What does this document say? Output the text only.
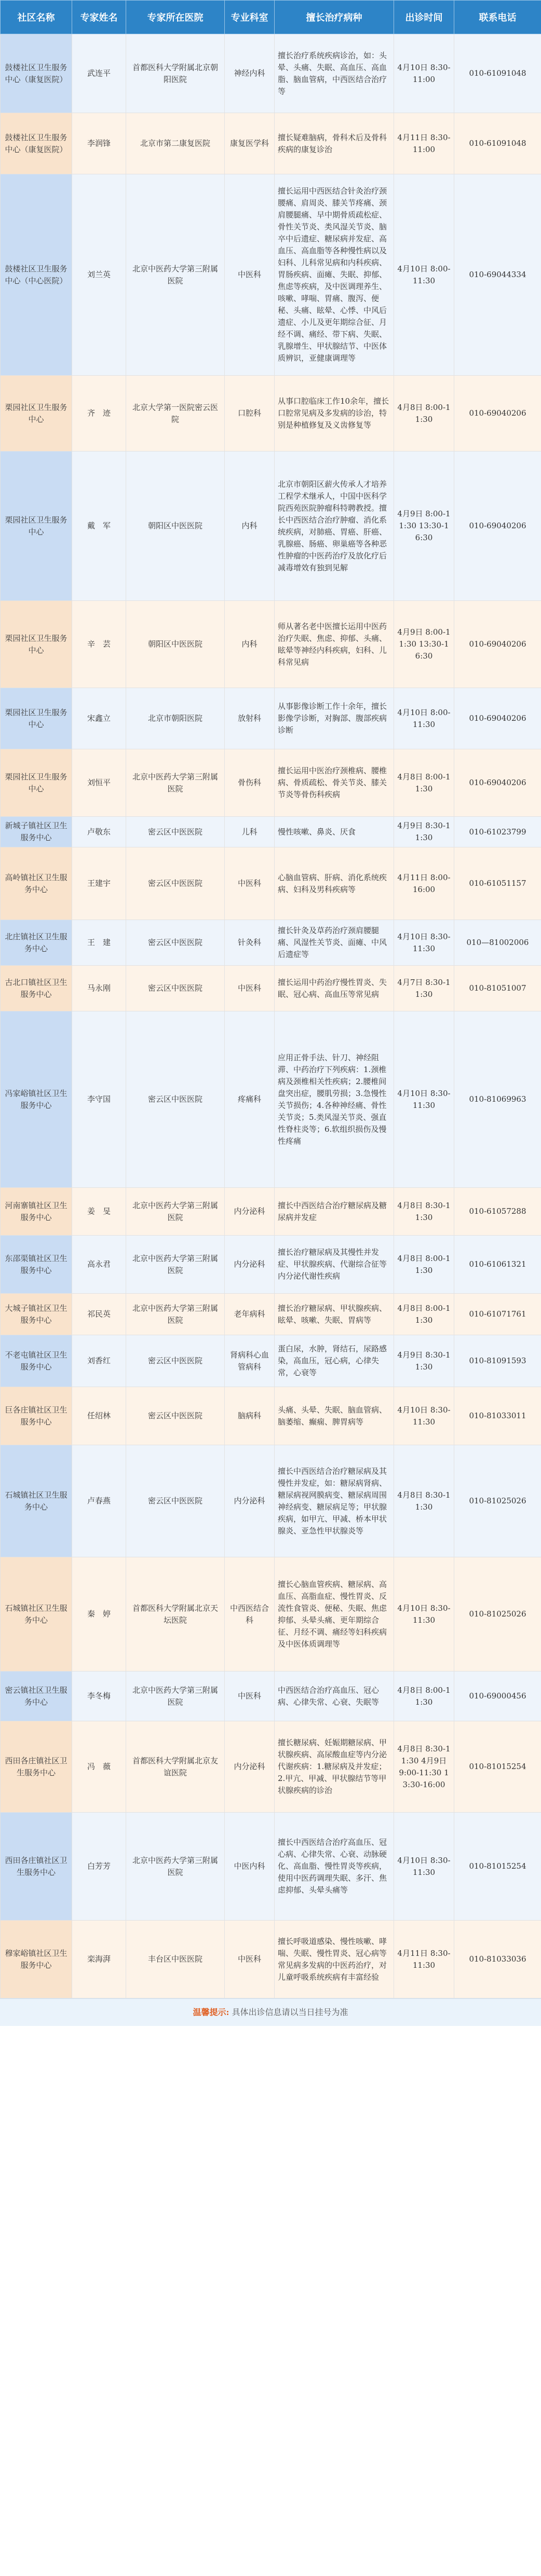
社区名称	专家姓名	专家所在医院	专业科室	擅长治疗病种	出诊时间	联系电话
鼓楼社区卫生服务中心（康复医院）	武连平	首都医科大学附属北京朝阳医院	神经内科	擅长治疗系统疾病诊治，如：头晕、头痛、失眠、高血压、高血脂、脑血管病，中西医结合治疗等	4月10日 8:30-11:00	010-61091048
鼓楼社区卫生服务中心（康复医院）	李润锋	北京市第二康复医院	康复医学科	擅长疑难脑病，骨科术后及骨科疾病的康复诊治	4月11日 8:30-11:00	010-61091048
鼓楼社区卫生服务中心（中心医院）	刘兰英	北京中医药大学第三附属医院	中医科	擅长运用中西医结合针灸治疗颈腰痛、肩周炎、膝关节疼痛、颈肩腰腿痛、早中期骨质疏松症、骨性关节炎、类风湿关节炎、脑卒中后遗症、糖尿病并发症、高血压、高血脂等各种慢性病以及妇科、儿科常见病和内科疾病、胃肠疾病、面瘫、失眠、抑郁、焦虑等疾病，及中医调理养生、咳嗽、哮喘、胃痛、腹泻、便秘、头痛、眩晕、心悸、中风后遗症、小儿及更年期综合征、月经不调、痛经、带下病、失眠、乳腺增生、甲状腺结节、中医体质辨识，亚健康调理等	4月10日 8:00-11:30	010-69044334
栗园社区卫生服务中心	齐　迹	北京大学第一医院密云医院	口腔科	从事口腔临床工作10余年，擅长口腔常见病及多发病的诊治，特别是种植修复及义齿修复等	4月8日 8:00-11:30	010-69040206
栗园社区卫生服务中心	戴　军	朝阳区中医医院	内科	北京市朝阳区薪火传承人才培养工程学术继承人，中国中医科学院西苑医院肿瘤科特聘教授。擅长中西医结合治疗肿瘤、消化系统疾病，对肺癌、胃癌、肝癌、乳腺癌、肠癌、卵巢癌等各种恶性肿瘤的中医药治疗及放化疗后减毒增效有独到见解	4月9日 8:00-11:30 13:30-16:30	010-69040206
栗园社区卫生服务中心	辛　芸	朝阳区中医医院	内科	师从著名老中医擅长运用中医药治疗失眠、焦虑、抑郁、头痛、眩晕等神经内科疾病，妇科、儿科常见病	4月9日 8:00-11:30 13:30-16:30	010-69040206
栗园社区卫生服务中心	宋鑫立	北京市朝阳医院	放射科	从事影像诊断工作十余年，擅长影像学诊断，对胸部、腹部疾病诊断	4月10日 8:00-11:30	010-69040206
栗园社区卫生服务中心	刘恒平	北京中医药大学第三附属医院	骨伤科	擅长运用中医治疗颈椎病、腰椎病、骨质疏松、骨关节炎、膝关节炎等骨伤科疾病	4月8日 8:00-11:30	010-69040206
新城子镇社区卫生服务中心	卢敬东	密云区中医医院	儿科	慢性咳嗽、鼻炎、厌食	4月9日 8:30-11:30	010-61023799
高岭镇社区卫生服务中心	王建宇	密云区中医医院	中医科	心脑血管病、肝病、消化系统疾病、妇科及男科疾病等	4月11日 8:00-16:00	010-61051157
北庄镇社区卫生服务中心	王　建	密云区中医医院	针灸科	擅长针灸及草药治疗颈肩腰腿痛、风湿性关节炎、面瘫、中风后遗症等	4月10日 8:30-11:30	010—81002006
古北口镇社区卫生服务中心	马永刚	密云区中医医院	中医科	擅长运用中药治疗慢性胃炎、失眠、冠心病、高血压等常见病	4月7日 8:30-11:30	010-81051007
冯家峪镇社区卫生服务中心	李守国	密云区中医医院	疼痛科	应用正骨手法、针刀、神经阻滞、中药治疗下列疾病：1.颈椎病及颈椎相关性疾病；2.腰椎间盘突出症，腰肌劳损；3.急慢性关节损伤；4.各种神经痛、骨性关节炎；5.类风湿关节炎、强直性脊柱炎等；6.软组织损伤及慢性疼痛	4月10日 8:30-11:30	010-81069963
河南寨镇社区卫生服务中心	姜　旻	北京中医药大学第三附属医院	内分泌科	擅长中西医结合治疗糖尿病及糖尿病并发症	4月8日 8:30-11:30	010-61057288
东邵渠镇社区卫生服务中心	高永君	北京中医药大学第三附属医院	内分泌科	擅长治疗糖尿病及其慢性并发症、甲状腺疾病、代谢综合征等内分泌代谢性疾病	4月8日 8:00-11:30	010-61061321
大城子镇社区卫生服务中心	祁民英	北京中医药大学第三附属医院	老年病科	擅长治疗糖尿病、甲状腺疾病、眩晕、咳嗽、失眠、胃病等	4月8日 8:00-11:30	010-61071761
不老屯镇社区卫生服务中心	刘香红	密云区中医医院	肾病科心血管病科	蛋白尿，水肿，肾结石，尿路感染，高血压，冠心病，心律失常，心衰等	4月9日 8:30-11:30	010-81091593
巨各庄镇社区卫生服务中心	任绍林	密云区中医医院	脑病科	头痛、头晕、失眠、脑血管病、脑萎缩、癫痫、脾胃病等	4月10日 8:30-11:30	010-81033011
石城镇社区卫生服务中心	卢春燕	密云区中医医院	内分泌科	擅长中西医结合治疗糖尿病及其慢性并发症，如：糖尿病肾病、糖尿病视网膜病变、糖尿病周围神经病变、糖尿病足等；甲状腺疾病，如甲亢、甲减、桥本甲状腺炎、亚急性甲状腺炎等	4月8日 8:30-11:30	010-81025026
石城镇社区卫生服务中心	秦　婷	首都医科大学附属北京天坛医院	中西医结合科	擅长心脑血管疾病、糖尿病、高血压、高脂血症、慢性胃炎、反流性食管炎、便秘、失眠、焦虑抑郁、头晕头痛、更年期综合征、月经不调、痛经等妇科疾病及中医体质调理等	4月10日 8:30-11:30	010-81025026
密云镇社区卫生服务中心	李冬梅	北京中医药大学第三附属医院	中医科	中西医结合治疗高血压、冠心病、心律失常、心衰、失眠等	4月8日 8:00-11:30	010-69000456
西田各庄镇社区卫生服务中心	冯　薇	首都医科大学附属北京友谊医院	内分泌科	擅长糖尿病、妊娠期糖尿病、甲状腺疾病、高尿酸血症等内分泌代谢疾病：1.糖尿病及并发症；2.甲亢、甲减、甲状腺结节等甲状腺疾病的诊治	4月8日 8:30-11:30 4月9日 9:00-11:30 13:30-16:00	010-81015254
西田各庄镇社区卫生服务中心	白芳芳	北京中医药大学第三附属医院	中医内科	擅长中西医结合治疗高血压、冠心病、心律失常、心衰、动脉硬化、高血脂、慢性胃炎等疾病，使用中医药调理失眠、多汗、焦虑抑郁、头晕头痛等	4月10日 8:30-11:30	010-81015254
穆家峪镇社区卫生服务中心	栾海湃	丰台区中医医院	中医科	擅长呼吸道感染、慢性咳嗽、哮喘、失眠、慢性胃炎、冠心病等常见病多发病的中医药治疗，对儿童呼吸系统疾病有丰富经验	4月11日 8:30-11:30	010-81033036
温馨提示: 具体出诊信息请以当日挂号为准
